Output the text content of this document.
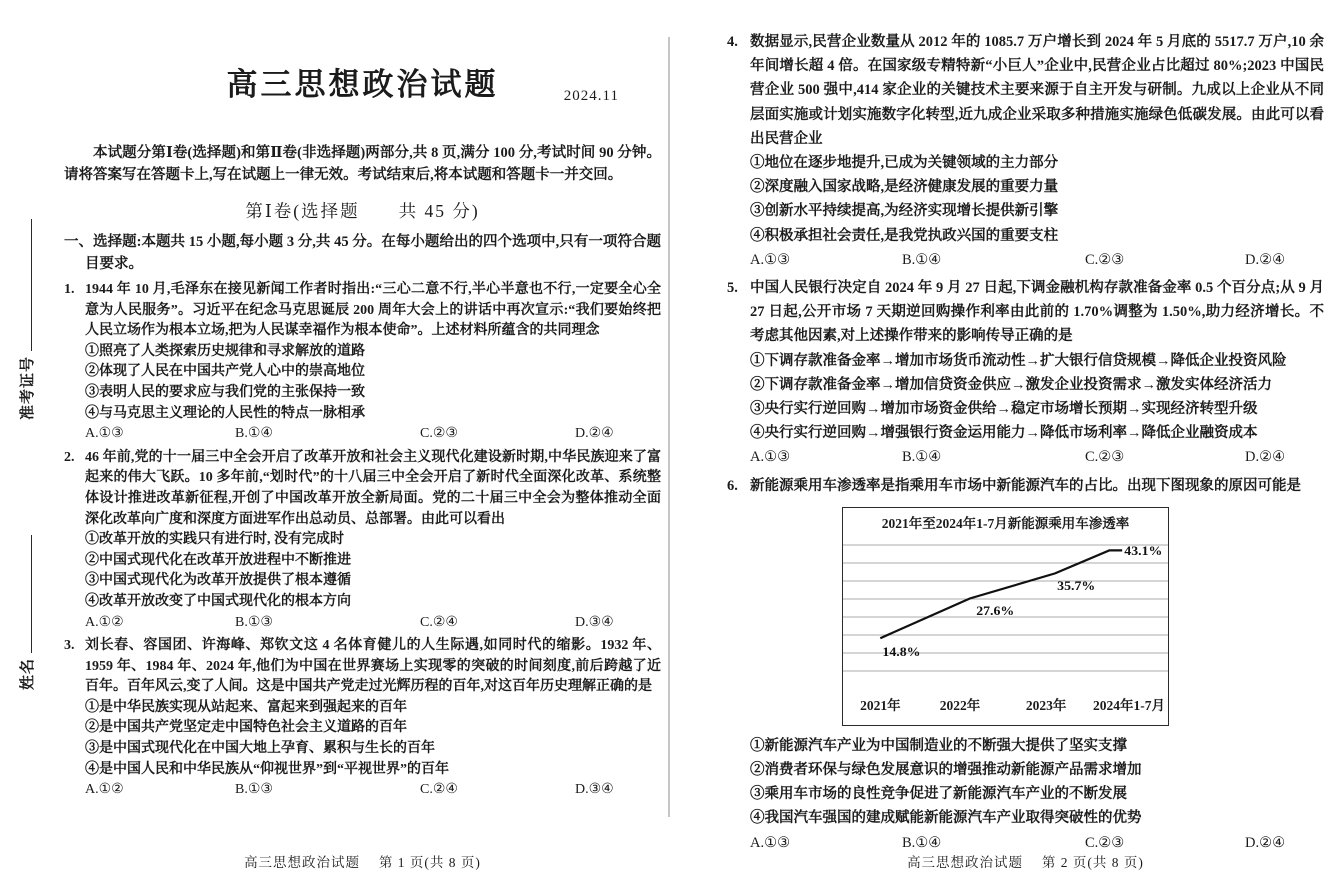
准考证号
姓名
高三思想政治试题	2024.11

本试题分第Ⅰ卷(选择题)和第Ⅱ卷(非选择题)两部分,共 8 页,满分 100 分,考试时间 90 分钟。请将答案写在答题卡上,写在试题上一律无效。考试结束后,将本试题和答题卡一并交回。

第Ⅰ卷(选择题　　共 45 分)
一、选择题:本题共 15 小题,每小题 3 分,共 45 分。在每小题给出的四个选项中,只有一项符合题目要求。
1. 1944 年 10 月,毛泽东在接见新闻工作者时指出:“三心二意不行,半心半意也不行,一定要全心全意为人民服务”。习近平在纪念马克思诞辰 200 周年大会上的讲话中再次宣示:“我们要始终把人民立场作为根本立场,把为人民谋幸福作为根本使命”。上述材料所蕴含的共同理念
①照亮了人类探索历史规律和寻求解放的道路
②体现了人民在中国共产党人心中的崇高地位
③表明人民的要求应与我们党的主张保持一致
④与马克思主义理论的人民性的特点一脉相承
A.①③	B.①④	C.②③	D.②④
2. 46 年前,党的十一届三中全会开启了改革开放和社会主义现代化建设新时期,中华民族迎来了富起来的伟大飞跃。10 多年前,“划时代”的十八届三中全会开启了新时代全面深化改革、系统整体设计推进改革新征程,开创了中国改革开放全新局面。党的二十届三中全会为整体推动全面深化改革向广度和深度方面进军作出总动员、总部署。由此可以看出
①改革开放的实践只有进行时, 没有完成时
②中国式现代化在改革开放进程中不断推进
③中国式现代化为改革开放提供了根本遵循
④改革开放改变了中国式现代化的根本方向
A.①②	B.①③	C.②④	D.③④
3. 刘长春、容国团、许海峰、郑钦文这 4 名体育健儿的人生际遇,如同时代的缩影。1932 年、1959 年、1984 年、2024 年,他们为中国在世界赛场上实现零的突破的时间刻度,前后跨越了近百年。百年风云,变了人间。这是中国共产党走过光辉历程的百年,对这百年历史理解正确的是
①是中华民族实现从站起来、富起来到强起来的百年
②是中国共产党坚定走中国特色社会主义道路的百年
③是中国式现代化在中国大地上孕育、累积与生长的百年
④是中国人民和中华民族从“仰视世界”到“平视世界”的百年
A.①②	B.①③	C.②④	D.③④
4. 数据显示,民营企业数量从 2012 年的 1085.7 万户增长到 2024 年 5 月底的 5517.7 万户,10 余年间增长超 4 倍。在国家级专精特新“小巨人”企业中,民营企业占比超过 80%;2023 中国民营企业 500 强中,414 家企业的关键技术主要来源于自主开发与研制。九成以上企业从不同层面实施或计划实施数字化转型,近九成企业采取多种措施实施绿色低碳发展。由此可以看出民营企业
①地位在逐步地提升,已成为关键领域的主力部分
②深度融入国家战略,是经济健康发展的重要力量
③创新水平持续提高,为经济实现增长提供新引擎
④积极承担社会责任,是我党执政兴国的重要支柱
A.①③	B.①④	C.②③	D.②④
5. 中国人民银行决定自 2024 年 9 月 27 日起,下调金融机构存款准备金率 0.5 个百分点;从 9 月 27 日起,公开市场 7 天期逆回购操作利率由此前的 1.70%调整为 1.50%,助力经济增长。不考虑其他因素,对上述操作带来的影响传导正确的是
①下调存款准备金率→增加市场货币流动性→扩大银行信贷规模→降低企业投资风险
②下调存款准备金率→增加信贷资金供应→激发企业投资需求→激发实体经济活力
③央行实行逆回购→增加市场资金供给→稳定市场增长预期→实现经济转型升级
④央行实行逆回购→增强银行资金运用能力→降低市场利率→降低企业融资成本
A.①③	B.①④	C.②③	D.②④
6. 新能源乘用车渗透率是指乘用车市场中新能源汽车的占比。出现下图现象的原因可能是
2021年至2024年1-7月新能源乘用车渗透率
14.8%
27.6%
35.7%
43.1%
2021年	2022年	2023年	2024年1-7月
①新能源汽车产业为中国制造业的不断强大提供了坚实支撑
②消费者环保与绿色发展意识的增强推动新能源产品需求增加
③乘用车市场的良性竞争促进了新能源汽车产业的不断发展
④我国汽车强国的建成赋能新能源汽车产业取得突破性的优势
A.①③	B.①④	C.②③	D.②④
高三思想政治试题　 第 1 页(共 8 页)	高三思想政治试题　 第 2 页(共 8 页)
